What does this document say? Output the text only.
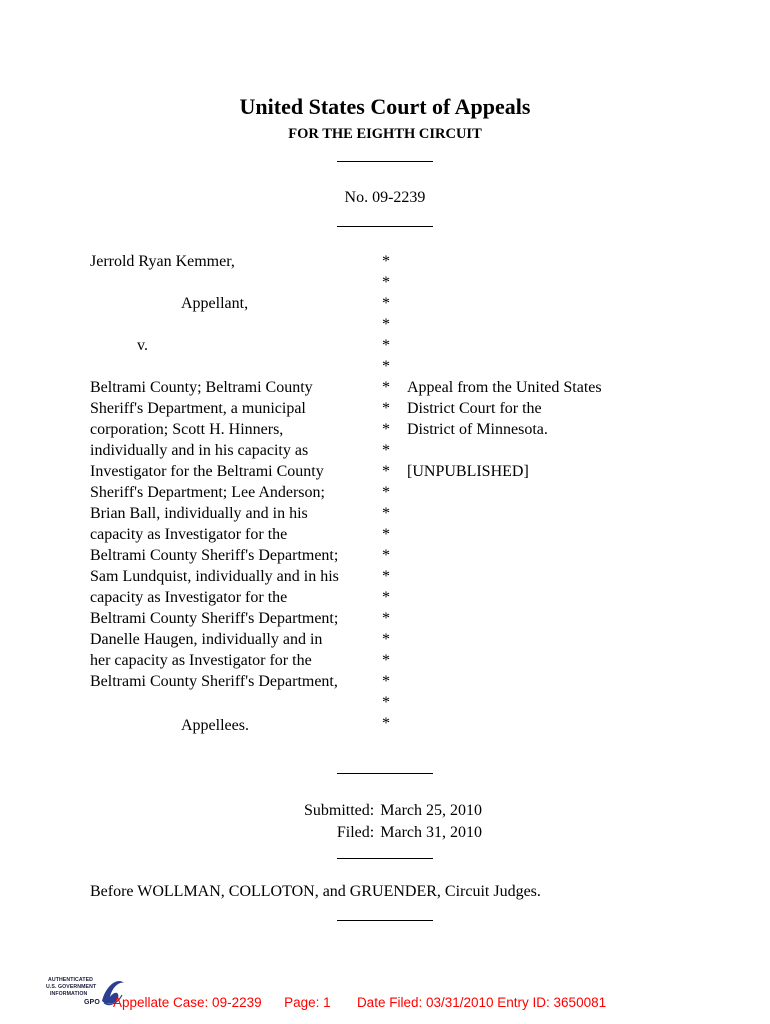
United States Court of Appeals
FOR THE EIGHTH CIRCUIT
No. 09-2239
Jerrold Ryan Kemmer,
Appellant,
v.
Beltrami County; Beltrami County
Sheriff's Department, a municipal
corporation; Scott H. Hinners,
individually and in his capacity as
Investigator for the Beltrami County
Sheriff's Department; Lee Anderson;
Brian Ball, individually and in his
capacity as Investigator for the
Beltrami County Sheriff's Department;
Sam Lundquist, individually and in his
capacity as Investigator for the
Beltrami County Sheriff's Department;
Danelle Haugen, individually and in
her capacity as Investigator for the
Beltrami County Sheriff's Department,
Appellees.
*
*
*
*
*
*
*
*
*
*
*
*
*
*
*
*
*
*
*
*
*
*
*
Appeal from the United States
District Court for the
District of Minnesota.
[UNPUBLISHED]
Submitted:	March 25, 2010
Filed:	March 31, 2010
Before WOLLMAN, COLLOTON, and GRUENDER, Circuit Judges.
AUTHENTICATED
U.S. GOVERNMENT
INFORMATION
GPO Appellate Case: 09-2239 Page: 1 Date Filed: 03/31/2010 Entry ID: 3650081
